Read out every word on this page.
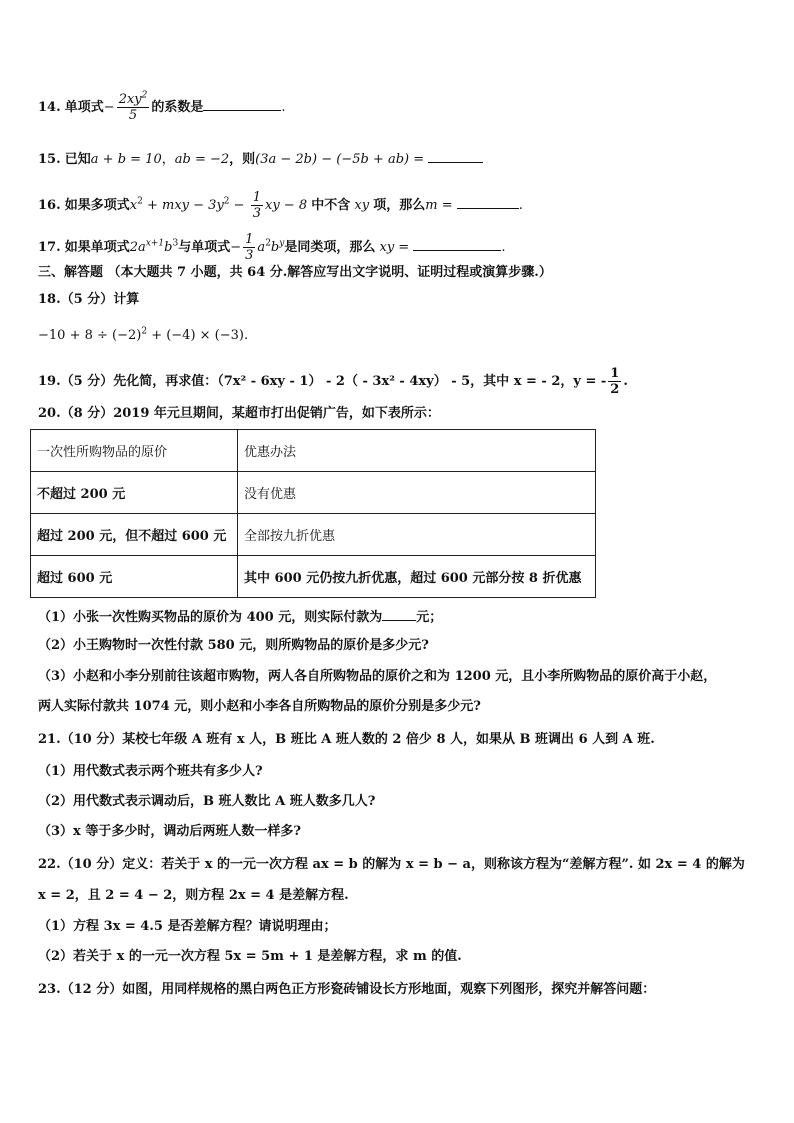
14. 单项式− $\frac{2xy^2}{5}$ 的系数是	.
15. 已知a + b = 10，ab = −2，则(3a − 2b) − (−5b + ab) =
16. 如果多项式$x^2$ + mxy − $3y^2 - \frac{1}{3}$ xy − 8 中不含 xy 项，那么m =	.
17. 如果单项式$2a^{x+1}b^3$与单项式− $\frac{1}{3} a^2b^y$是同类项，那么 xy =	.
三、解答题 （本大题共 7 小题，共 64 分.解答应写出文字说明、证明过程或演算步骤.）
18.（5 分）计算
$-10 + 8 \div (-2)^2 + (-4) \times (-3)$.
19.（5 分）先化简，再求值：（7x² - 6xy - 1） - 2（ - 3x² - 4xy） - 5，其中 x = - 2，y = - $\frac{1}{2}$ .
20.（8 分）2019 年元旦期间，某超市打出促销广告，如下表所示：
一次性所购物品的原价	优惠办法
不超过 200 元	没有优惠
超过 200 元，但不超过 600 元	全部按九折优惠
超过 600 元	其中 600 元仍按九折优惠，超过 600 元部分按 8 折优惠
（1）小张一次性购买物品的原价为 400 元，则实际付款为	元；
（2）小王购物时一次性付款 580 元，则所购物品的原价是多少元?
（3）小赵和小李分别前往该超市购物，两人各自所购物品的原价之和为 1200 元，且小李所购物品的原价高于小赵，
两人实际付款共 1074 元，则小赵和小李各自所购物品的原价分别是多少元?
21.（10 分）某校七年级 A 班有 x 人，B 班比 A 班人数的 2 倍少 8 人，如果从 B 班调出 6 人到 A 班.
（1）用代数式表示两个班共有多少人?
（2）用代数式表示调动后，B 班人数比 A 班人数多几人?
（3）x 等于多少时，调动后两班人数一样多?
22.（10 分）定义：若关于 x 的一元一次方程 ax = b 的解为 x = b − a，则称该方程为“差解方程”. 如 2x = 4 的解为
x = 2，且 2 = 4 − 2，则方程 2x = 4 是差解方程.
（1）方程 3x = 4.5 是否差解方程？请说明理由；
（2）若关于 x 的一元一次方程 5x = 5m + 1 是差解方程，求 m 的值.
23.（12 分）如图，用同样规格的黑白两色正方形瓷砖铺设长方形地面，观察下列图形，探究并解答问题：
